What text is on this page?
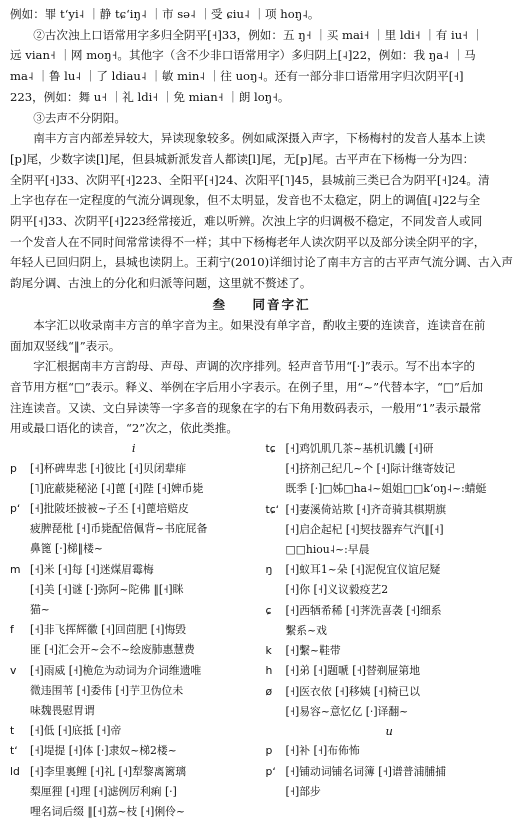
例如：罪 tʻyi˨ ｜静 tɕʻiŋ˨ ｜市 sə˨ ｜受 ɕiu˨ ｜项 hoŋ˨。

②古次浊上口语常用字多归全阴平[˧]33，例如：五 ŋ˧ ｜买 mai˧ ｜里 ldi˧ ｜有 iu˧ ｜

远 vian˧ ｜网 moŋ˧。其他字（含不少非口语常用字）多归阴上[˨]22，例如：我 ŋa˨ ｜马

ma˨ ｜鲁 lu˨ ｜了 ldiau˨ ｜敏 min˨ ｜往 uoŋ˨。还有一部分非口语常用字归次阴平[˧]

223，例如：舞 u˧ ｜礼 ldi˧ ｜免 mian˧ ｜朗 loŋ˧。

③去声不分阴阳。

南丰方言内部差异较大，异读现象较多。例如咸深摄入声字，下杨梅村的发音人基本上读

[p]尾，少数字读[l]尾，但县城新派发音人都读[l]尾，无[p]尾。古平声在下杨梅一分为四：

全阴平[˧]33、次阴平[˧]223、全阳平[˧]24、次阳平[˥]45，县城前三类已合为阴平[˧]24。清

上字也存在一定程度的气流分调现象，但不太明显，发音也不太稳定，阴上的调值[˨]22与全

阴平[˧]33、次阴平[˧]223经常接近，难以听辨。次浊上字的归调极不稳定，不同发音人或同

一个发音人在不同时间常常读得不一样；其中下杨梅老年人读次阴平以及部分读全阴平的字，

年轻人已回归阴上，县城也读阴上。王莉宁(2010)详细讨论了南丰方言的古平声气流分调、古入声韵尾分调、古浊上的分化和归派等问题，这里就不赘述了。

叁 同音字汇

本字汇以收录南丰方言的单字音为主。如果没有单字音，酌收主要的连读音，连读音在前

面加双竖线“‖”表示。

字汇根据南丰方言韵母、声母、声调的次序排列。轻声音节用“[·]”表示。写不出本字的

音节用方框“□”表示。释义、举例在字后用小字表示。在例子里，用“~”代替本字，“□”后加

注连读音。又读、文白异读等一字多音的现象在字的右下角用数码表示，一般用“1”表示最常

用或最口语化的读音，“2”次之，依此类推。

i
p	[˧]杯碑卑悲 [˧]彼比 [˧]贝闭辈痱
[˥]庇蔽毙秘泌 [˨]蓖 [˧]陛 [˧]婢币毙
pʻ [˧]批陂坯披被~子丕 [˧]蓖培赔皮
疲脾琵枇 [˧]币毙配倍佩背~书庇屁备
鼻篦 [·]梯‖楼~
m [˧]米 [˧]每 [˧]迷煤眉霉梅
[˧]美 [˧]谜 [·]弥阿~陀佛 ‖[˧]眯
猫~
f	[˧]非飞挥辉徽 [˧]回茴肥 [˧]悔毁
匪 [˧]汇会开~会不~绘废肺惠慧费
v	[˧]雨威 [˧]桅危为动词为介词维遗唯
微违围苇 [˧]委伟 [˧]芋卫伪位未
味魏畏慰胃谓
t	[˧]低 [˧]底抵 [˧]帝
tʻ	[˧]堤提 [˧]体 [·]隶奴~梯2楼~
ld [˧]李里裏鲤 [˧]礼 [˧]犁黎离篱璃
梨厘狸 [˧]理 [˧]滤例厉利痢 [·]
哩名词后缀 ‖[˧]荔~枝 [˧]俐伶~
tɕ [˧]鸡饥肌几茶~基机讥饑 [˧]研
[˧]挤剂己纪几~个 [˧]际计继寄妓记
既季 [·]□姊□ha˨~姐姐□□kʻoŋ˨~:蜻蜓
tɕʻ [˧]妻溪倚站欺 [˧]齐奇骑其棋期旗
[˧]启企起杞 [˧]契技器弃气汽‖[˧]
□□hiou˨~:早晨
ŋ	[˧]蚁耳1~朵 [˧]泥倪宜仪谊尼疑
[˧]你 [˧]义议毅疫艺2
ɕ	[˧]西牺希稀 [˧]荠洗喜袭 [˧]细系
繫系~戏
k	[˧]繫~鞋带
h	[˧]弟 [˧]题嗁 [˧]替剃屉第地
ø	[˧]医衣依 [˧]移姨 [˧]椅已以
[˧]易容~意忆亿 [·]译翻~
u
p	[˧]补 [˧]布佈怖
pʻ [˧]铺动词铺名词簿 [˧]谱普浦脯捕
[˧]部步
